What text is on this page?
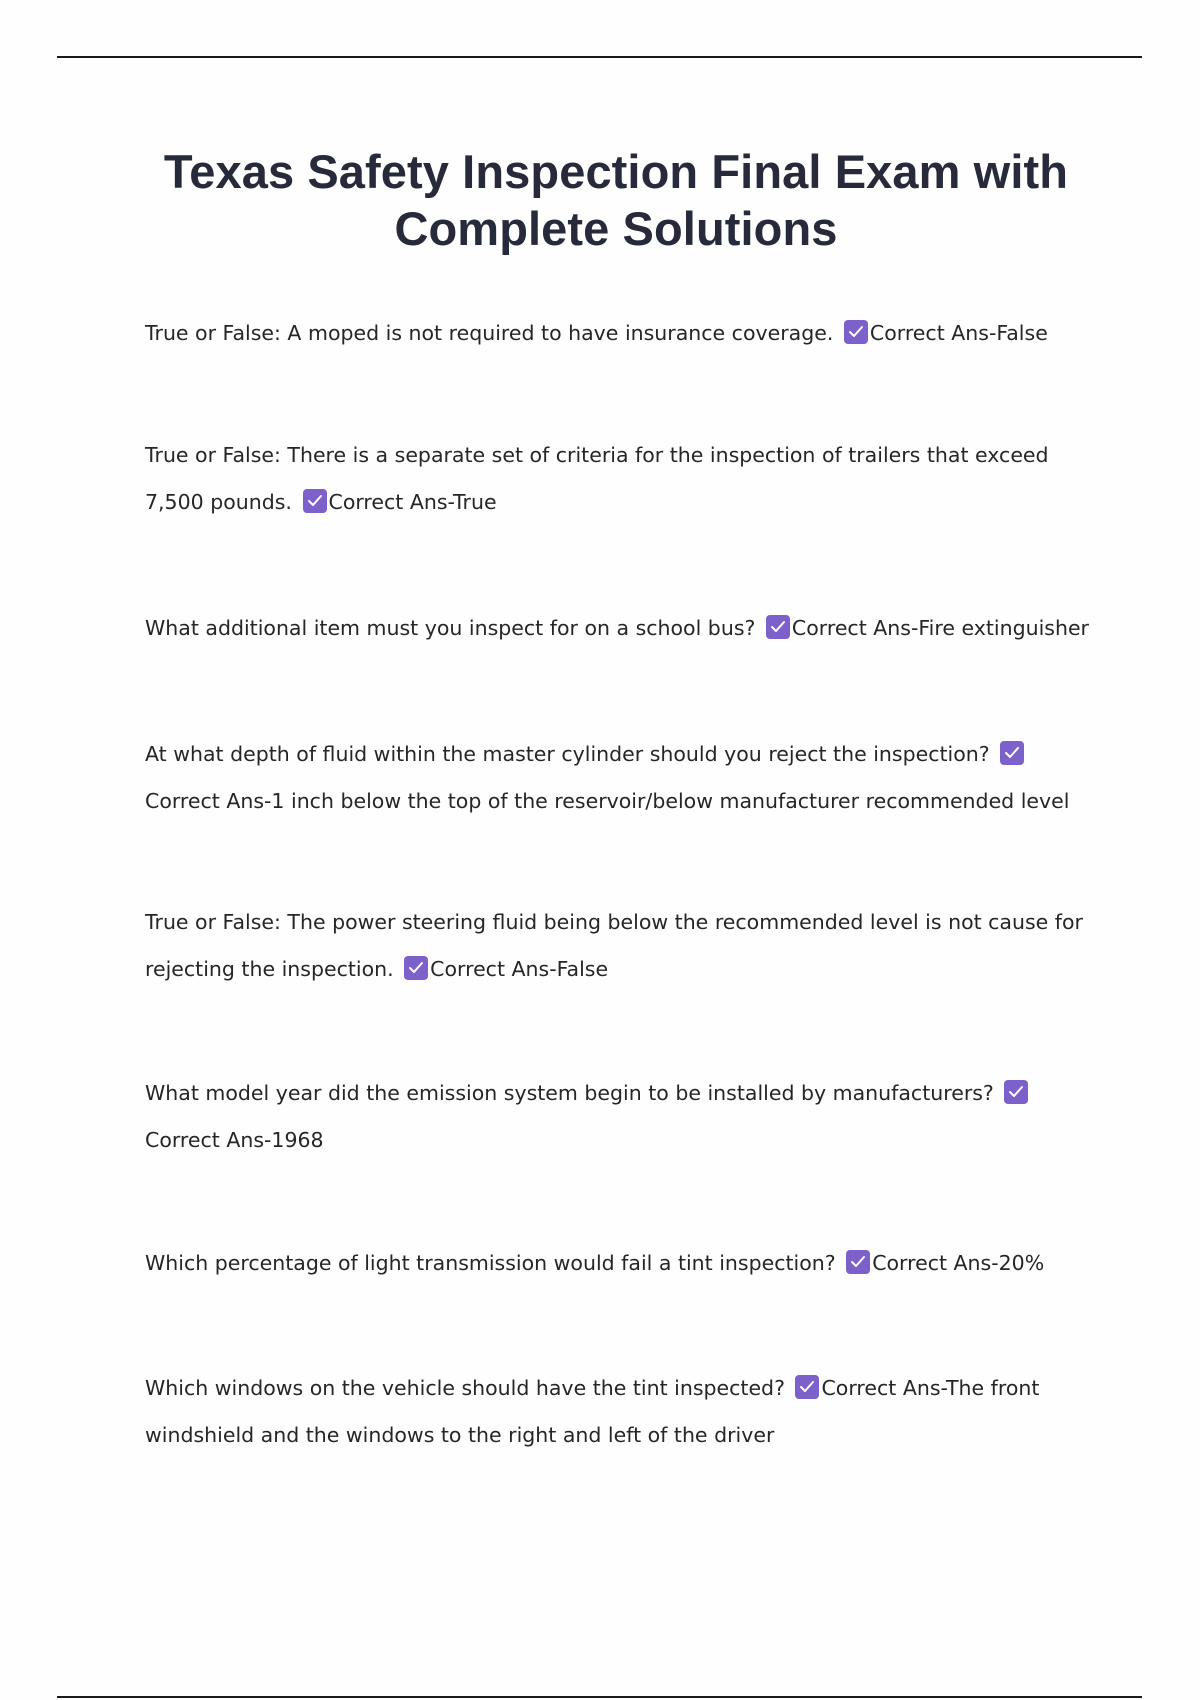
Texas Safety Inspection Final Exam with Complete Solutions
True or False: A moped is not required to have insurance coverage. Correct Ans-False
True or False: There is a separate set of criteria for the inspection of trailers that exceed 7,500 pounds. Correct Ans-True
What additional item must you inspect for on a school bus? Correct Ans-Fire extinguisher
At what depth of fluid within the master cylinder should you reject the inspection?
Correct Ans-1 inch below the top of the reservoir/below manufacturer recommended level
True or False: The power steering fluid being below the recommended level is not cause for rejecting the inspection. Correct Ans-False
What model year did the emission system begin to be installed by manufacturers?
Correct Ans-1968
Which percentage of light transmission would fail a tint inspection? Correct Ans-20%
Which windows on the vehicle should have the tint inspected? Correct Ans-The front windshield and the windows to the right and left of the driver
